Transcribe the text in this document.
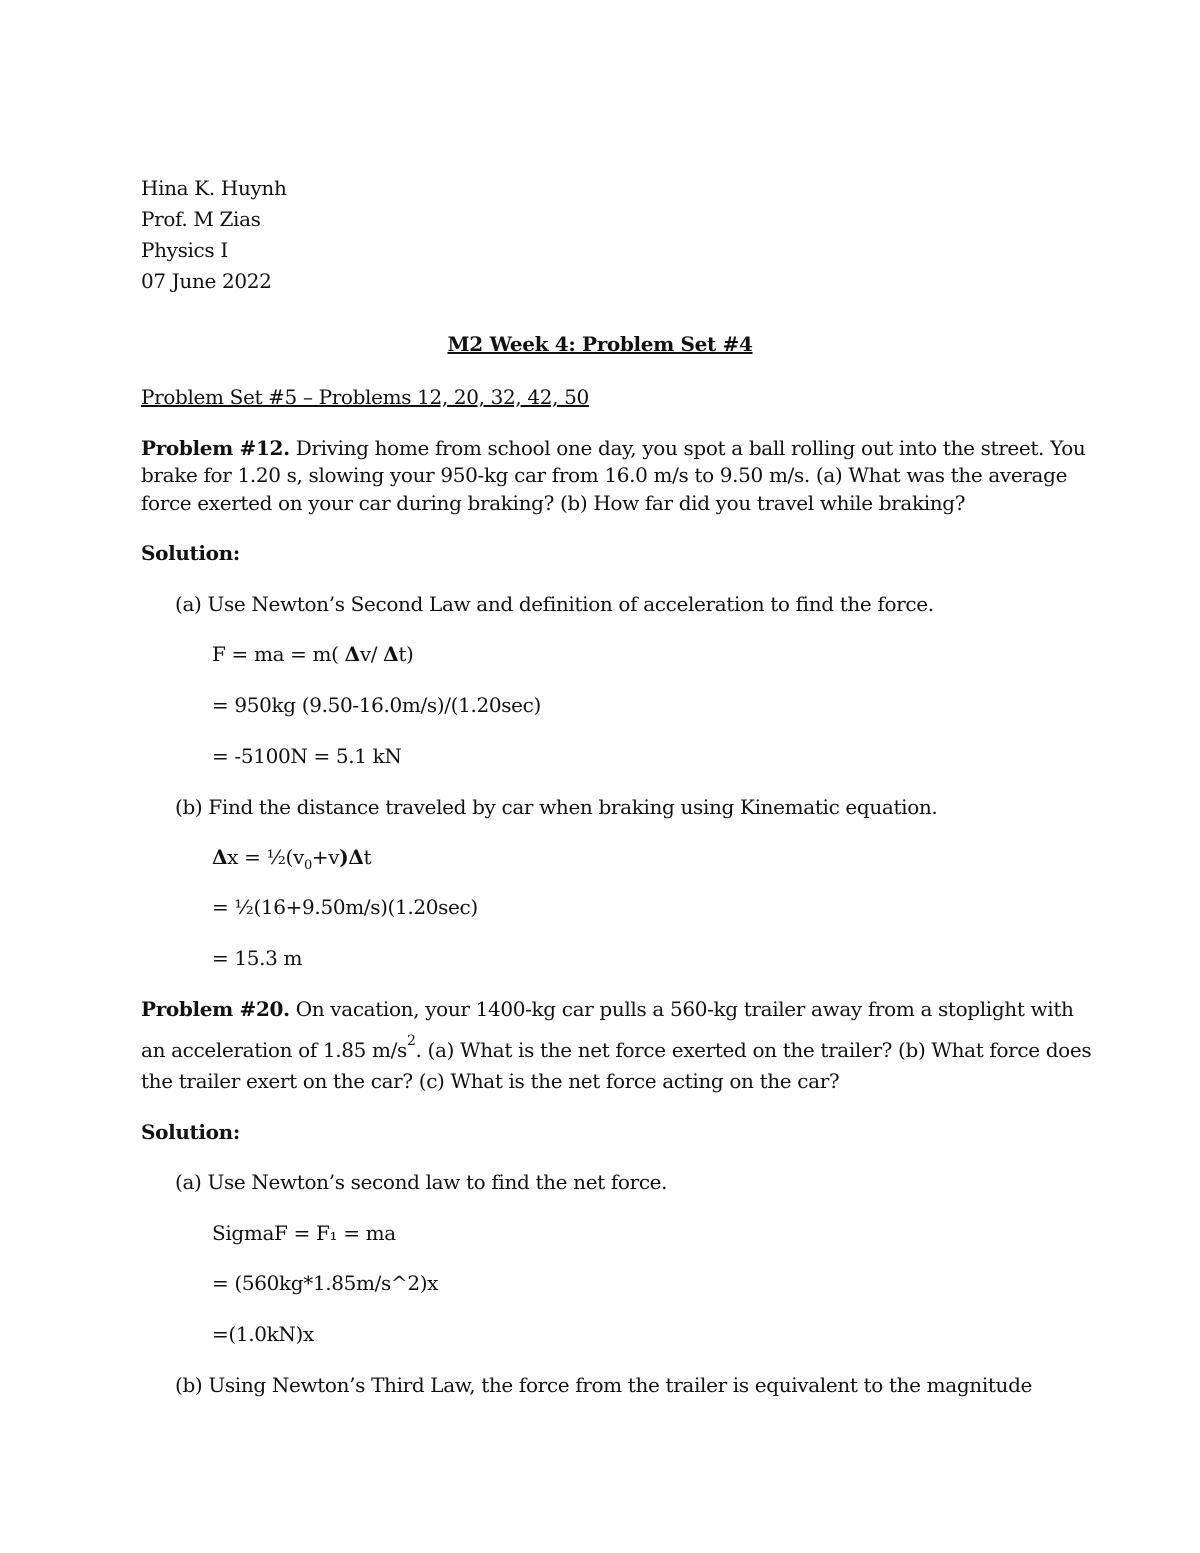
Hina K. Huynh
Prof. M Zias
Physics I
07 June 2022
M2 Week 4: Problem Set #4
Problem Set #5 – Problems 12, 20, 32, 42, 50
Problem #12. Driving home from school one day, you spot a ball rolling out into the street. You
brake for 1.20 s, slowing your 950-kg car from 16.0 m/s to 9.50 m/s. (a) What was the average
force exerted on your car during braking? (b) How far did you travel while braking?
Solution:
(a) Use Newton’s Second Law and definition of acceleration to find the force.
F = ma = m( Δv/ Δt)
= 950kg (9.50-16.0m/s)/(1.20sec)
= -5100N = 5.1 kN
(b) Find the distance traveled by car when braking using Kinematic equation.
$\Delta x = \frac{1}{2}(v_0+v)\Delta t$
= ½(16+9.50m/s)(1.20sec)
= 15.3 m
Problem #20. On vacation, your 1400-kg car pulls a 560-kg trailer away from a stoplight with
an acceleration of 1.85 $m/s^2$. (a) What is the net force exerted on the trailer? (b) What force does
the trailer exert on the car? (c) What is the net force acting on the car?
Solution:
(a) Use Newton’s second law to find the net force.
SigmaF = F₁ = ma
= (560kg*1.85m/s^2)x
=(1.0kN)x
(b) Using Newton’s Third Law, the force from the trailer is equivalent to the magnitude
